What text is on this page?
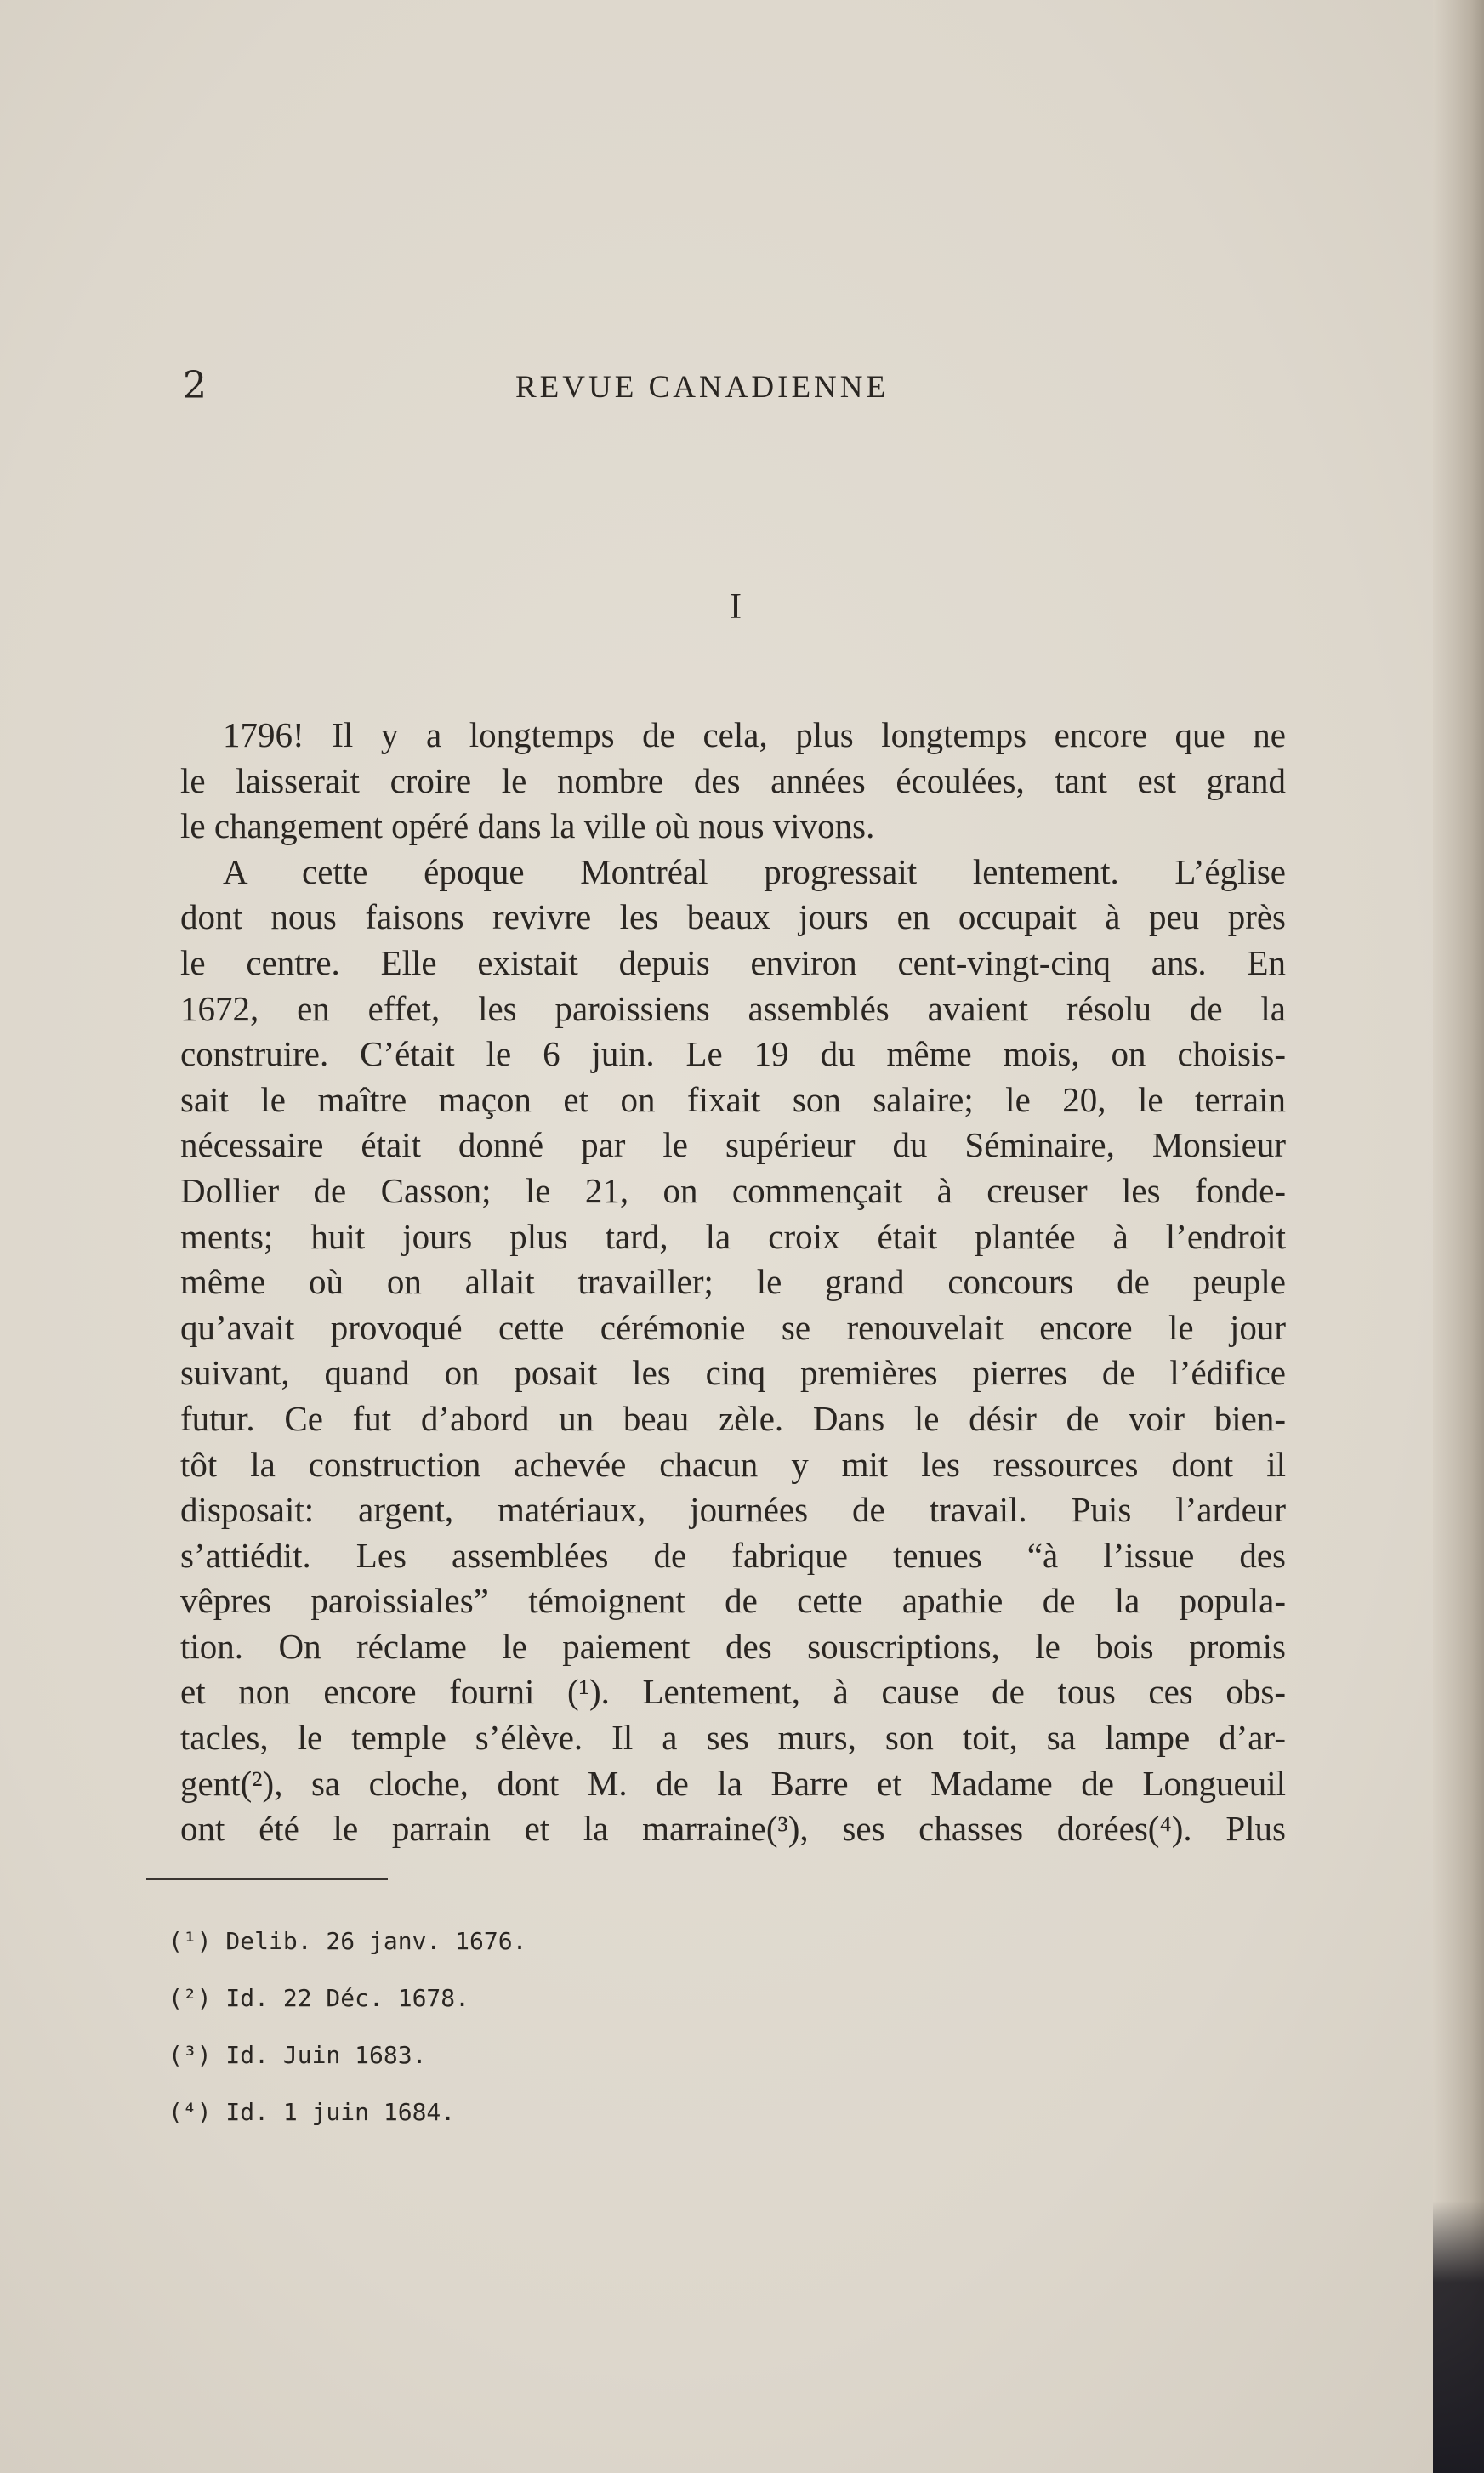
2	REVUE CANADIENNE
I
1796! Il y a longtemps de cela, plus longtemps encore que ne
le laisserait croire le nombre des années écoulées, tant est grand
le changement opéré dans la ville où nous vivons.
A cette époque Montréal progressait lentement. L’église
dont nous faisons revivre les beaux jours en occupait à peu près
le centre. Elle existait depuis environ cent-vingt-cinq ans. En
1672, en effet, les paroissiens assemblés avaient résolu de la
construire. C’était le 6 juin. Le 19 du même mois, on choisis-
sait le maître maçon et on fixait son salaire; le 20, le terrain
nécessaire était donné par le supérieur du Séminaire, Monsieur
Dollier de Casson; le 21, on commençait à creuser les fonde-
ments; huit jours plus tard, la croix était plantée à l’endroit
même où on allait travailler; le grand concours de peuple
qu’avait provoqué cette cérémonie se renouvelait encore le jour
suivant, quand on posait les cinq premières pierres de l’édifice
futur. Ce fut d’abord un beau zèle. Dans le désir de voir bien-
tôt la construction achevée chacun y mit les ressources dont il
disposait: argent, matériaux, journées de travail. Puis l’ardeur
s’attiédit. Les assemblées de fabrique tenues “à l’issue des
vêpres paroissiales” témoignent de cette apathie de la popula-
tion. On réclame le paiement des souscriptions, le bois promis
et non encore fourni (¹). Lentement, à cause de tous ces obs-
tacles, le temple s’élève. Il a ses murs, son toit, sa lampe d’ar-
gent(²), sa cloche, dont M. de la Barre et Madame de Longueuil
ont été le parrain et la marraine(³), ses chasses dorées(⁴). Plus
(¹) Delib. 26 janv. 1676.
(²) Id. 22 Déc. 1678.
(³) Id. Juin 1683.
(⁴) Id. 1 juin 1684.
